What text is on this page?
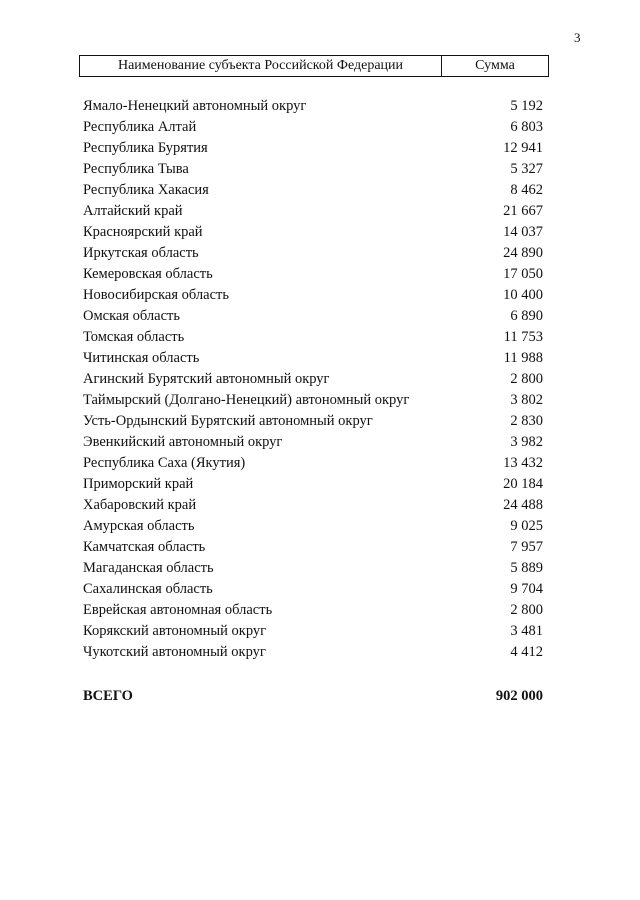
3
Наименование субъекта Российской Федерации	Сумма
Ямало-Ненецкий автономный округ	5 192
Республика Алтай	6 803
Республика Бурятия	12 941
Республика Тыва	5 327
Республика Хакасия	8 462
Алтайский край	21 667
Красноярский край	14 037
Иркутская область	24 890
Кемеровская область	17 050
Новосибирская область	10 400
Омская область	6 890
Томская область	11 753
Читинская область	11 988
Агинский Бурятский автономный округ	2 800
Таймырский (Долгано-Ненецкий) автономный округ	3 802
Усть-Ордынский Бурятский автономный округ	2 830
Эвенкийский автономный округ	3 982
Республика Саха (Якутия)	13 432
Приморский край	20 184
Хабаровский край	24 488
Амурская область	9 025
Камчатская область	7 957
Магаданская область	5 889
Сахалинская область	9 704
Еврейская автономная область	2 800
Корякский автономный округ	3 481
Чукотский автономный округ	4 412
ВСЕГО	902 000
